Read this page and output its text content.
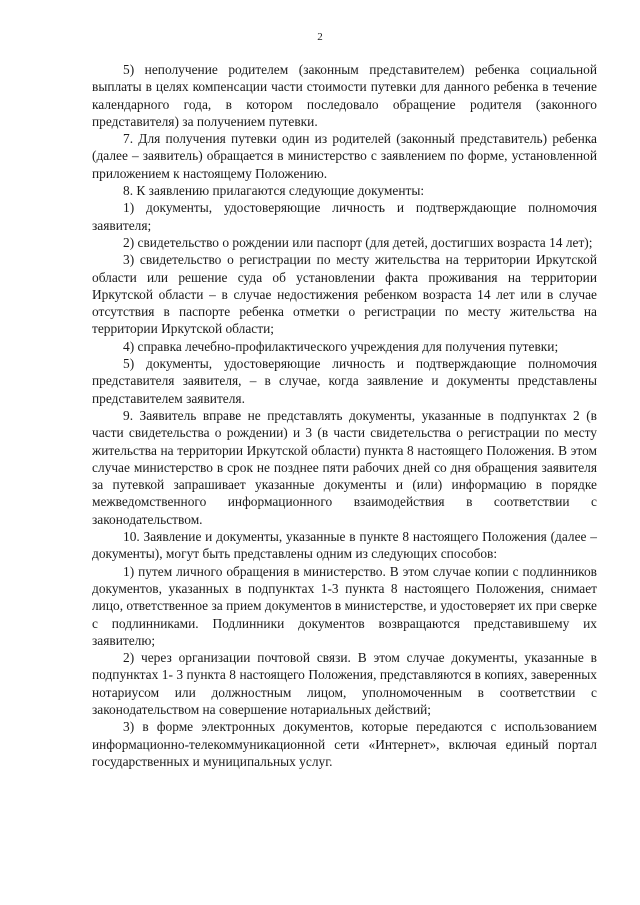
2

5) неполучение родителем (законным представителем) ребенка социальной выплаты в целях компенсации части стоимости путевки для данного ребенка в течение календарного года, в котором последовало обращение родителя (законного представителя) за получением путевки.

7. Для получения путевки один из родителей (законный представитель) ребенка (далее – заявитель) обращается в министерство с заявлением по форме, установленной приложением к настоящему Положению.

8. К заявлению прилагаются следующие документы:

1) документы, удостоверяющие личность и подтверждающие полномочия заявителя;

2) свидетельство о рождении или паспорт (для детей, достигших возраста 14 лет);

3) свидетельство о регистрации по месту жительства на территории Иркутской области или решение суда об установлении факта проживания на территории Иркутской области – в случае недостижения ребенком возраста 14 лет или в случае отсутствия в паспорте ребенка отметки о регистрации по месту жительства на территории Иркутской области;

4) справка лечебно-профилактического учреждения для получения путевки;

5) документы, удостоверяющие личность и подтверждающие полномочия представителя заявителя, – в случае, когда заявление и документы представлены представителем заявителя.

9. Заявитель вправе не представлять документы, указанные в подпунктах 2 (в части свидетельства о рождении) и 3 (в части свидетельства о регистрации по месту жительства на территории Иркутской области) пункта 8 настоящего Положения. В этом случае министерство в срок не позднее пяти рабочих дней со дня обращения заявителя за путевкой запрашивает указанные документы и (или) информацию в порядке межведомственного информационного взаимодействия в соответствии с законодательством.

10. Заявление и документы, указанные в пункте 8 настоящего Положения (далее – документы), могут быть представлены одним из следующих способов:

1) путем личного обращения в министерство. В этом случае копии с подлинников документов, указанных в подпунктах 1-3 пункта 8 настоящего Положения, снимает лицо, ответственное за прием документов в министерстве, и удостоверяет их при сверке с подлинниками. Подлинники документов возвращаются представившему их заявителю;

2) через организации почтовой связи. В этом случае документы, указанные в подпунктах 1- 3 пункта 8 настоящего Положения, представляются в копиях, заверенных нотариусом или должностным лицом, уполномоченным в соответствии с законодательством на совершение нотариальных действий;

3) в форме электронных документов, которые передаются с использованием информационно-телекоммуникационной сети «Интернет», включая единый портал государственных и муниципальных услуг.
